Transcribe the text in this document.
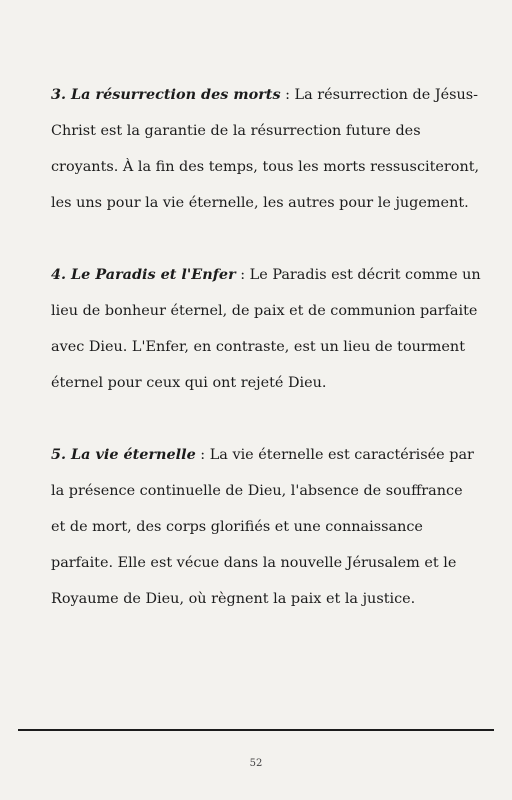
3. La résurrection des morts : La résurrection de Jésus-Christ est la garantie de la résurrection future des croyants. À la fin des temps, tous les morts ressusciteront, les uns pour la vie éternelle, les autres pour le jugement.

4. Le Paradis et l'Enfer : Le Paradis est décrit comme un lieu de bonheur éternel, de paix et de communion parfaite avec Dieu. L'Enfer, en contraste, est un lieu de tourment éternel pour ceux qui ont rejeté Dieu.

5. La vie éternelle : La vie éternelle est caractérisée par la présence continuelle de Dieu, l'absence de souffrance et de mort, des corps glorifiés et une connaissance parfaite. Elle est vécue dans la nouvelle Jérusalem et le Royaume de Dieu, où règnent la paix et la justice.

52
